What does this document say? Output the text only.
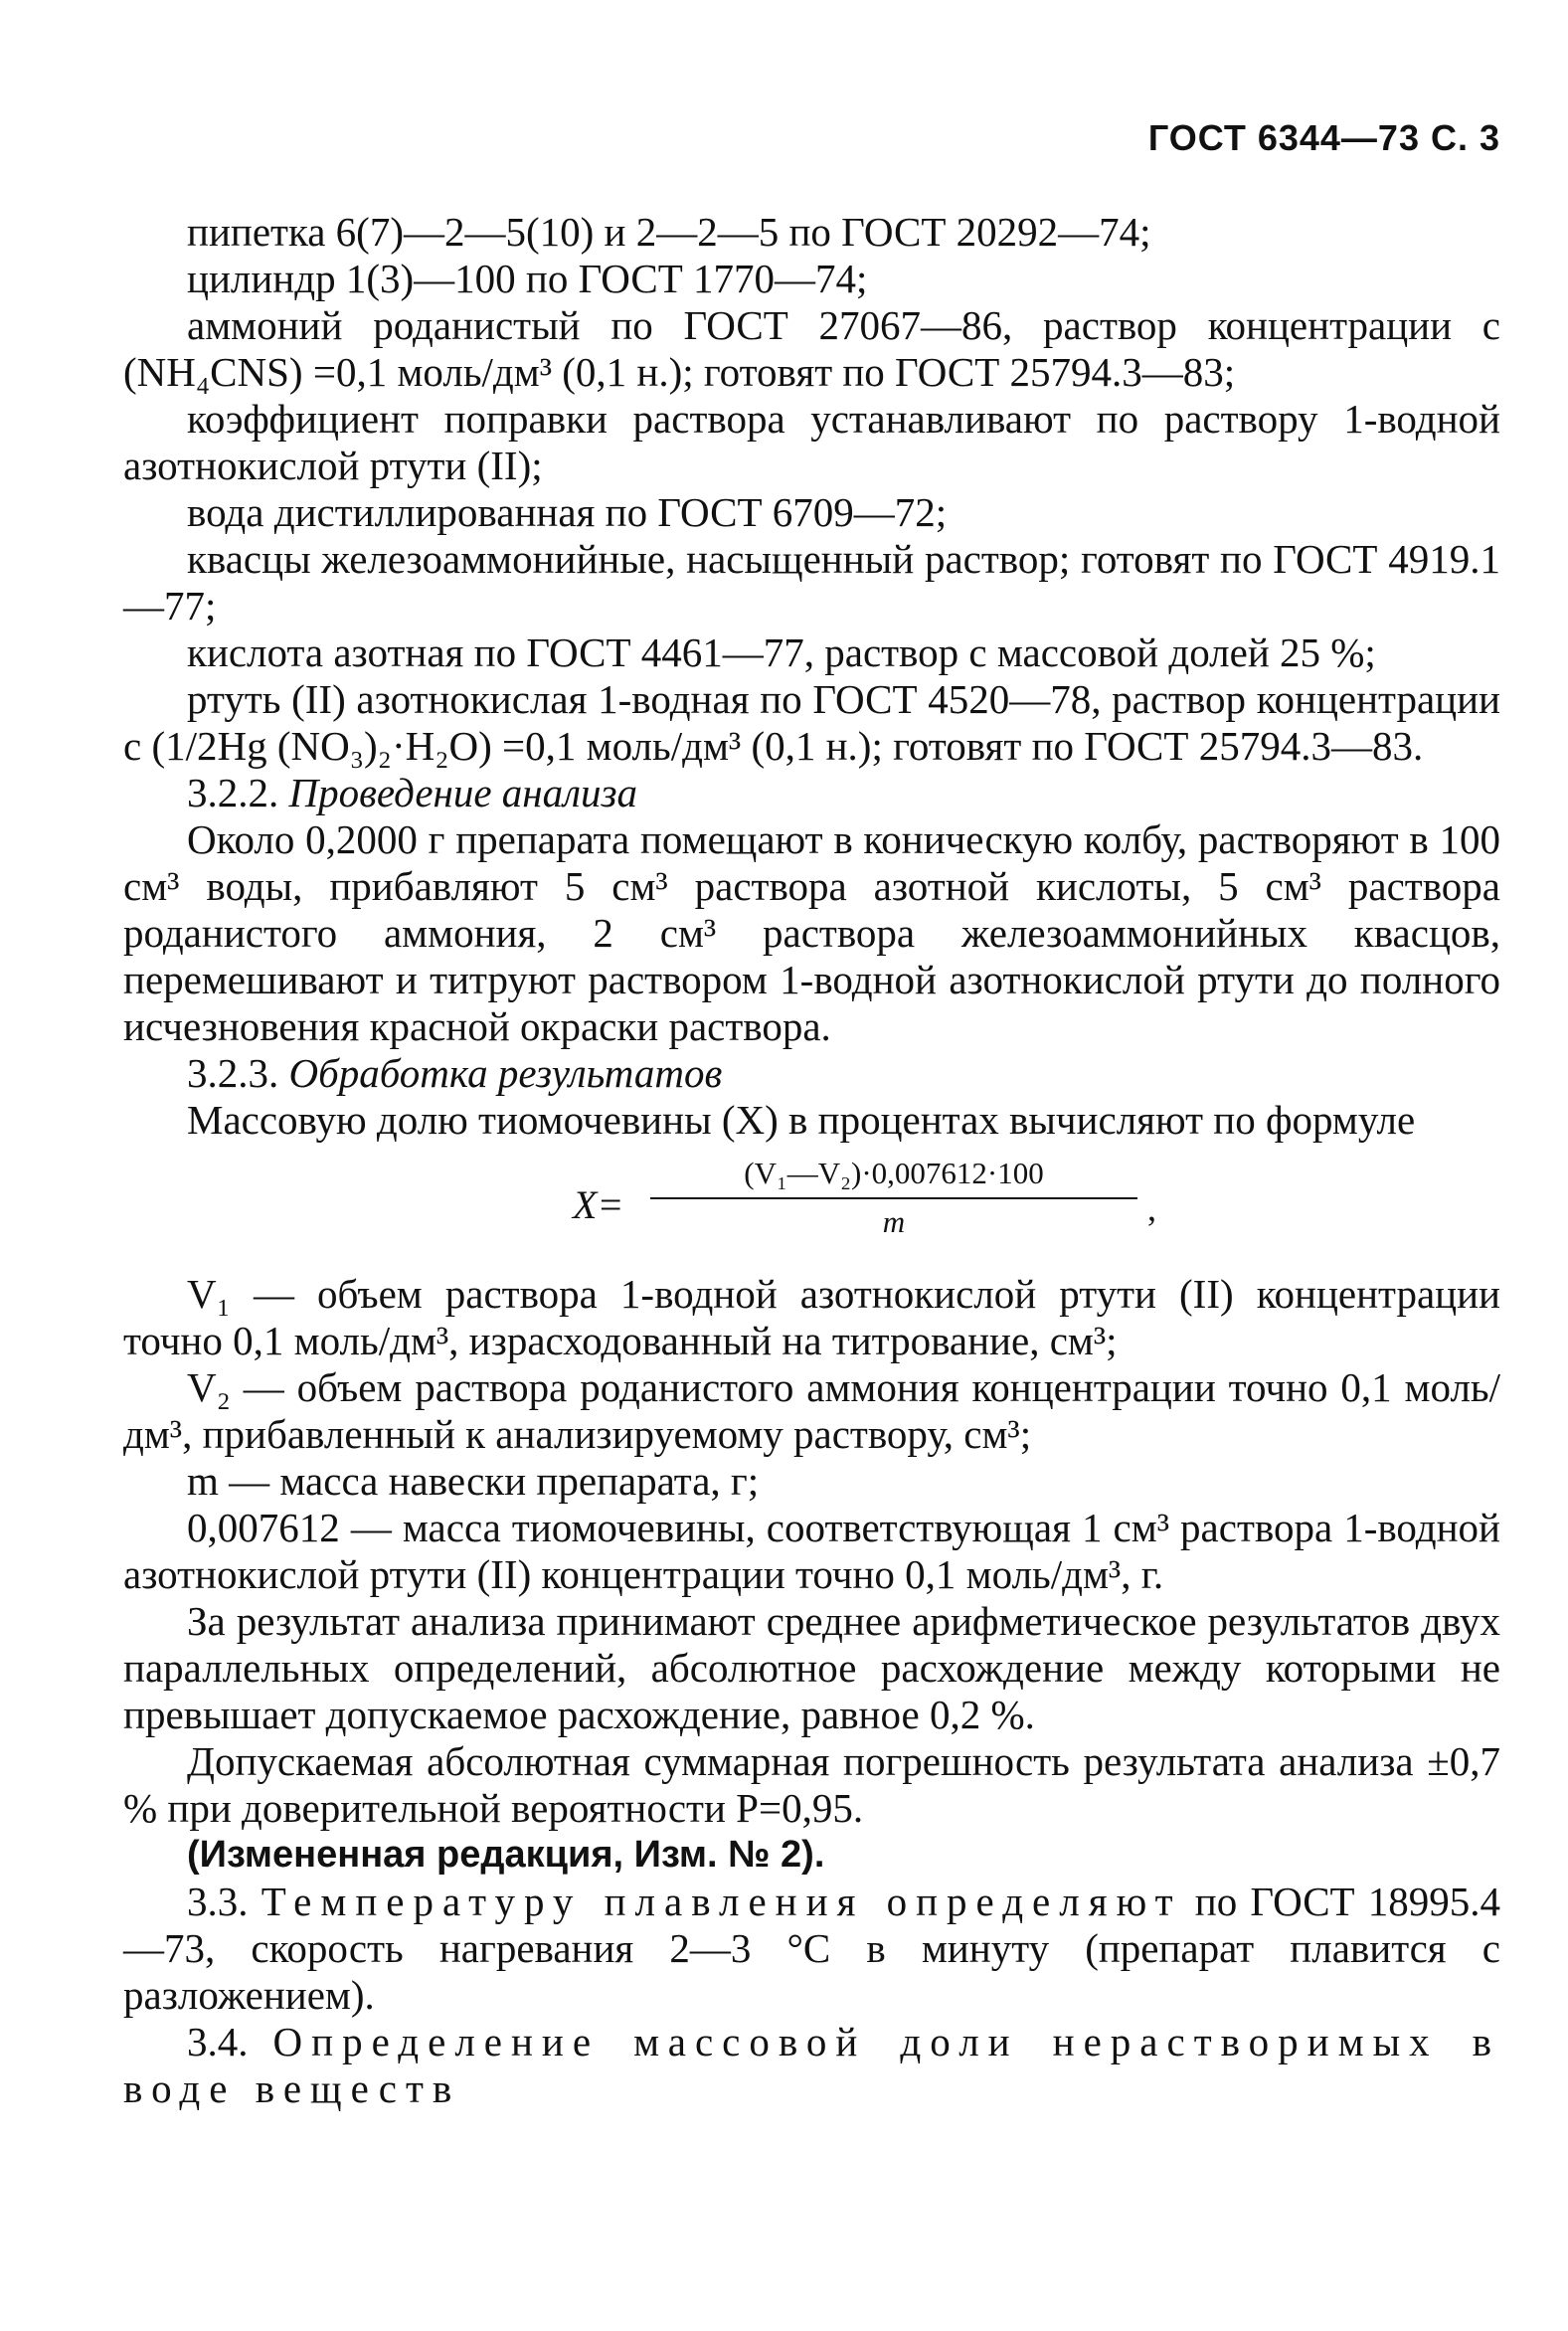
ГОСТ 6344—73 С. 3

пипетка 6(7)—2—5(10) и 2—2—5 по ГОСТ 20292—74;

цилиндр 1(3)—100 по ГОСТ 1770—74;

аммоний роданистый по ГОСТ 27067—86, раствор концентрации c (NH₄CNS) =0,1 моль/дм³ (0,1 н.); готовят по ГОСТ 25794.3—83;

коэффициент поправки раствора устанавливают по раствору 1-водной азотнокислой ртути (II);

вода дистиллированная по ГОСТ 6709—72;

квасцы железоаммонийные, насыщенный раствор; готовят по ГОСТ 4919.1—77;

кислота азотная по ГОСТ 4461—77, раствор с массовой долей 25 %;

ртуть (II) азотнокислая 1-водная по ГОСТ 4520—78, раствор концентрации c (1/2Hg (NO₃)₂·H₂O) =0,1 моль/дм³ (0,1 н.); готовят по ГОСТ 25794.3—83.

3.2.2. Проведение анализа

Около 0,2000 г препарата помещают в коническую колбу, растворяют в 100 см³ воды, прибавляют 5 см³ раствора азотной кислоты, 5 см³ раствора роданистого аммония, 2 см³ раствора железоаммонийных квасцов, перемешивают и титруют раствором 1-водной азотнокислой ртути до полного исчезновения красной окраски раствора.

3.2.3. Обработка результатов

Массовую долю тиомочевины (X) в процентах вычисляют по формуле

X=
(V₁—V₂)·0,007612·100
m	,

V₁ — объем раствора 1-водной азотнокислой ртути (II) концентрации точно 0,1 моль/дм³, израсходованный на титрование, см³;

V₂ — объем раствора роданистого аммония концентрации точно 0,1 моль/дм³, прибавленный к анализируемому раствору, см³;

m — масса навески препарата, г;

0,007612 — масса тиомочевины, соответствующая 1 см³ раствора 1-водной азотнокислой ртути (II) концентрации точно 0,1 моль/дм³, г.

За результат анализа принимают среднее арифметическое результатов двух параллельных определений, абсолютное расхождение между которыми не превышает допускаемое расхождение, равное 0,2 %.

Допускаемая абсолютная суммарная погрешность результата анализа ±0,7 % при доверительной вероятности P=0,95.

(Измененная редакция, Изм. № 2).

3.3. Температуру плавления определяют по ГОСТ 18995.4—73, скорость нагревания 2—3 °С в минуту (препарат плавится с разложением).

3.4. Определение массовой доли нерастворимых в воде веществ
